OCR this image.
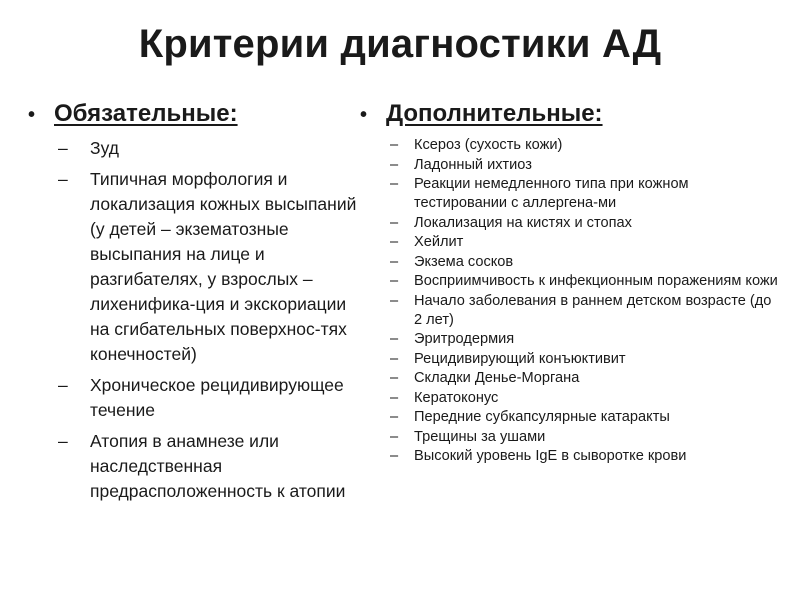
Критерии диагностики АД
• Обязательные:
– Зуд
– Типичная морфология и локализация кожных высыпаний (у детей – экзематозные высыпания на лице и разгибателях, у взрослых – лихенифика-ция и экскориации на сгибательных поверхнос-тях конечностей)
– Хроническое рецидивирующее течение
– Атопия в анамнезе или наследственная предрасположенность к атопии
• Дополнительные:
– Ксероз (сухость кожи)
– Ладонный ихтиоз
– Реакции немедленного типа при кожном тестировании с аллергена-ми
– Локализация на кистях и стопах
– Хейлит
– Экзема сосков
– Восприимчивость к инфекционным поражениям кожи
– Начало заболевания в раннем детском возрасте (до 2 лет)
– Эритродермия
– Рецидивирующий конъюктивит
– Складки Денье-Моргана
– Кератоконус
– Передние субкапсулярные катаракты
– Трещины за ушами
– Высокий уровень IgE в сыворотке крови
